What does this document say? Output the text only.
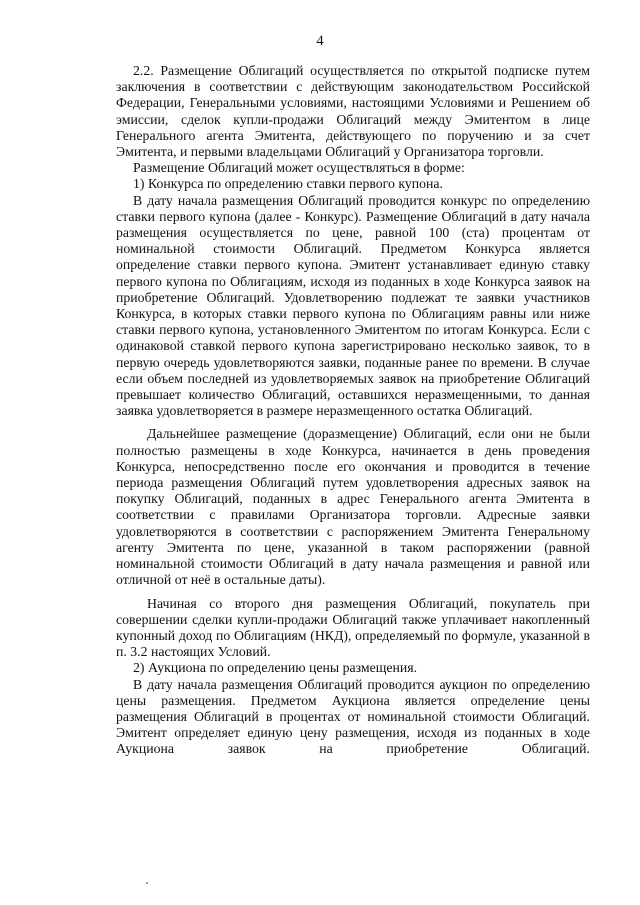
4

2.2. Размещение Облигаций осуществляется по открытой подписке путем заключения в соответствии с действующим законодательством Российской Федерации, Генеральными условиями, настоящими Условиями и Решением об эмиссии, сделок купли-продажи Облигаций между Эмитентом в лице Генерального агента Эмитента, действующего по поручению и за счет Эмитента, и первыми владельцами Облигаций у Организатора торговли.

Размещение Облигаций может осуществляться в форме:

1) Конкурса по определению ставки первого купона.

В дату начала размещения Облигаций проводится конкурс по определению ставки первого купона (далее - Конкурс). Размещение Облигаций в дату начала размещения осуществляется по цене, равной 100 (ста) процентам от номинальной стоимости Облигаций. Предметом Конкурса является определение ставки первого купона. Эмитент устанавливает единую ставку первого купона по Облигациям, исходя из поданных в ходе Конкурса заявок на приобретение Облигаций. Удовлетворению подлежат те заявки участников Конкурса, в которых ставки первого купона по Облигациям равны или ниже ставки первого купона, установленного Эмитентом по итогам Конкурса. Если с одинаковой ставкой первого купона зарегистрировано несколько заявок, то в первую очередь удовлетворяются заявки, поданные ранее по времени. В случае если объем последней из удовлетворяемых заявок на приобретение Облигаций превышает количество Облигаций, оставшихся неразмещенными, то данная заявка удовлетворяется в размере неразмещенного остатка Облигаций.

Дальнейшее размещение (доразмещение) Облигаций, если они не были полностью размещены в ходе Конкурса, начинается в день проведения Конкурса, непосредственно после его окончания и проводится в течение периода размещения Облигаций путем удовлетворения адресных заявок на покупку Облигаций, поданных в адрес Генерального агента Эмитента в соответствии с правилами Организатора торговли. Адресные заявки удовлетворяются в соответствии с распоряжением Эмитента Генеральному агенту Эмитента по цене, указанной в таком распоряжении (равной номинальной стоимости Облигаций в дату начала размещения и равной или отличной от неё в остальные даты).

Начиная со второго дня размещения Облигаций, покупатель при совершении сделки купли-продажи Облигаций также уплачивает накопленный купонный доход по Облигациям (НКД), определяемый по формуле, указанной в п. 3.2 настоящих Условий.

2) Аукциона по определению цены размещения.

В дату начала размещения Облигаций проводится аукцион по определению цены размещения. Предметом Аукциона является определение цены размещения Облигаций в процентах от номинальной стоимости Облигаций. Эмитент определяет единую цену размещения, исходя из поданных в ходе Аукциона заявок на приобретение Облигаций.
